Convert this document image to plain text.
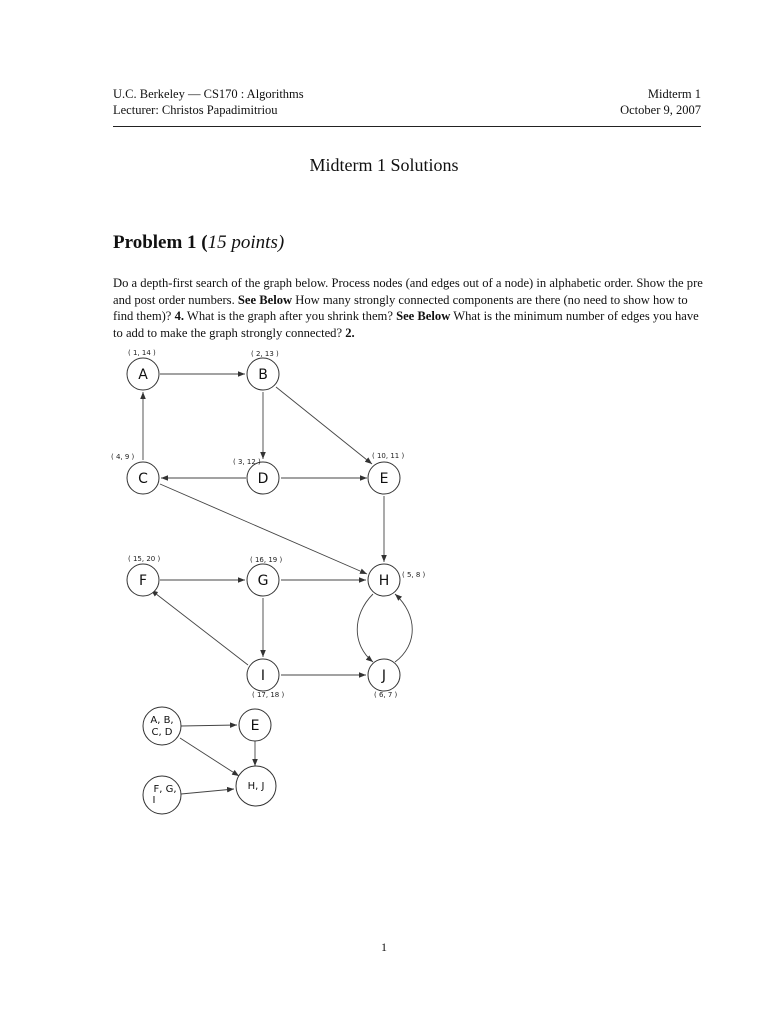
U.C. Berkeley — CS170 : Algorithms
Lecturer: Christos Papadimitriou
Midterm 1
October 9, 2007
Midterm 1 Solutions
Problem 1 (15 points)
Do a depth-first search of the graph below. Process nodes (and edges out of a node) in alphabetic order. Show the pre and post order numbers. See Below How many strongly connected components are there (no need to show how to find them)? 4. What is the graph after you shrink them? See Below What is the minimum number of edges you have to add to make the graph strongly connected? 2.
A	B
C	D	E
F	G	H
I	J
E
A, B,
C, D
F, G,
I
H, J
( 1, 14 )	( 2, 13 )
( 4, 9 )
( 3, 12 )
( 10, 11 )
( 15, 20 )	( 16, 19 )
( 5, 8 )
( 17, 18 )	( 6, 7 )
1
